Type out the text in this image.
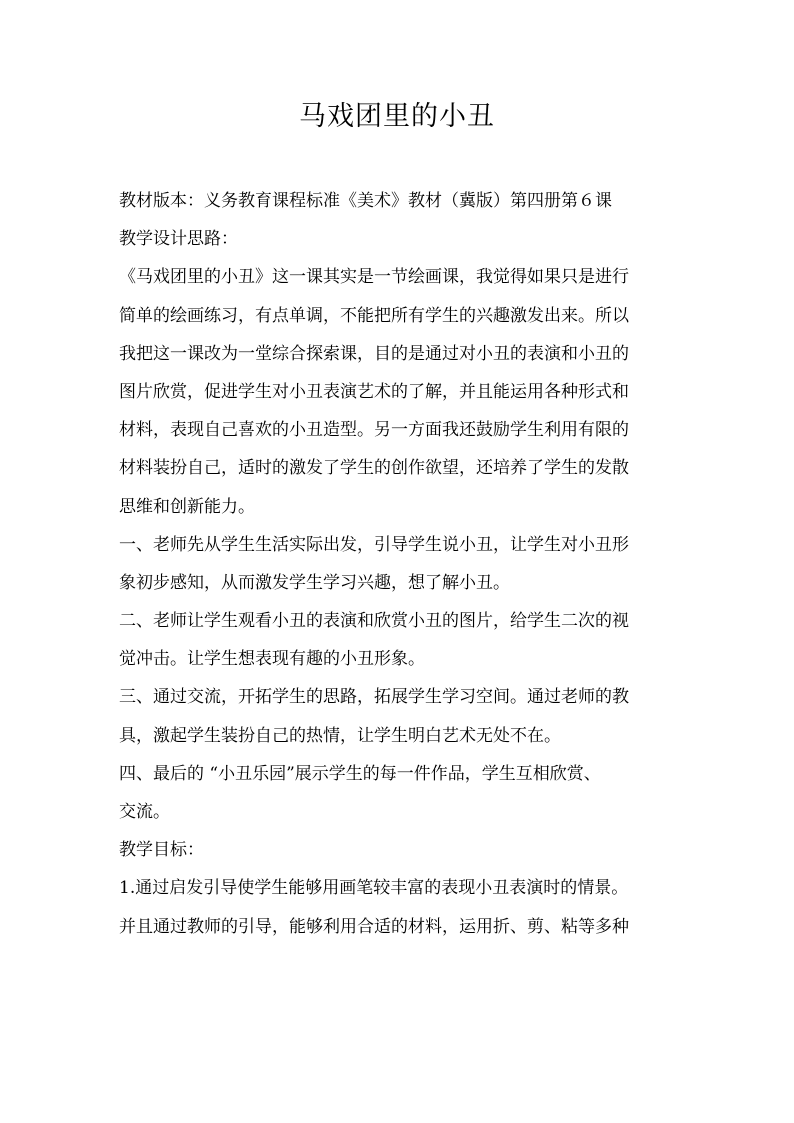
马戏团里的小丑
教材版本：义务教育课程标准《美术》教材（冀版）第四册第６课
教学设计思路：
《马戏团里的小丑》这一课其实是一节绘画课，我觉得如果只是进行
简单的绘画练习，有点单调，不能把所有学生的兴趣激发出来。所以
我把这一课改为一堂综合探索课，目的是通过对小丑的表演和小丑的
图片欣赏，促进学生对小丑表演艺术的了解，并且能运用各种形式和
材料，表现自己喜欢的小丑造型。另一方面我还鼓励学生利用有限的
材料装扮自己，适时的激发了学生的创作欲望，还培养了学生的发散
思维和创新能力。
一、老师先从学生生活实际出发，引导学生说小丑，让学生对小丑形
象初步感知，从而激发学生学习兴趣，想了解小丑。
二、老师让学生观看小丑的表演和欣赏小丑的图片，给学生二次的视
觉冲击。让学生想表现有趣的小丑形象。
三、通过交流，开拓学生的思路，拓展学生学习空间。通过老师的教
具，激起学生装扮自己的热情，让学生明白艺术无处不在。
四、最后的 “小丑乐园”展示学生的每一件作品，学生互相欣赏、
交流。
教学目标：
1.通过启发引导使学生能够用画笔较丰富的表现小丑表演时的情景。
并且通过教师的引导，能够利用合适的材料，运用折、剪、粘等多种
